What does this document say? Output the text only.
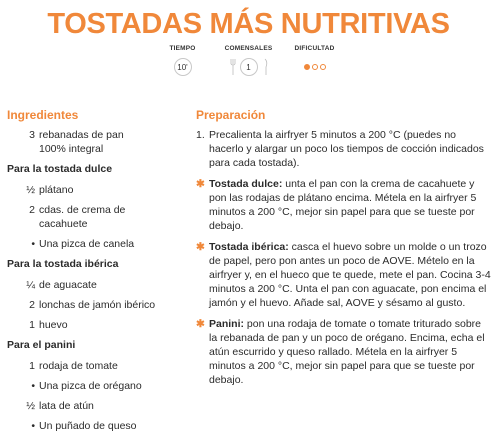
TOSTADAS MÁS NUTRITIVAS
TIEMPO
10'
COMENSALES
1
DIFICULTAD
Ingredientes
3 rebanadas de pan 100% integral
Para la tostada dulce
½ plátano
2 cdas. de crema de cacahuete
• Una pizca de canela
Para la tostada ibérica
¼ de aguacate
2 lonchas de jamón ibérico
1 huevo
Para el panini
1 rodaja de tomate
• Una pizca de orégano
½ lata de atún
• Un puñado de queso
Preparación
1. Precalienta la airfryer 5 minutos a 200 °C (puedes no hacerlo y alargar un poco los tiempos de cocción indicados para cada tostada).
✱ Tostada dulce: unta el pan con la crema de cacahuete y pon las rodajas de plátano encima. Métela en la airfryer 5 minutos a 200 °C, mejor sin papel para que se tueste por debajo.
✱ Tostada ibérica: casca el huevo sobre un molde o un trozo de papel, pero pon antes un poco de AOVE. Mételo en la airfryer y, en el hueco que te quede, mete el pan. Cocina 3-4 minutos a 200 °C. Unta el pan con aguacate, pon encima el jamón y el huevo. Añade sal, AOVE y sésamo al gusto.
✱ Panini: pon una rodaja de tomate o tomate triturado sobre la rebanada de pan y un poco de orégano. Encima, echa el atún escurrido y queso rallado. Métela en la airfryer 5 minutos a 200 °C, mejor sin papel para que se tueste por debajo.
